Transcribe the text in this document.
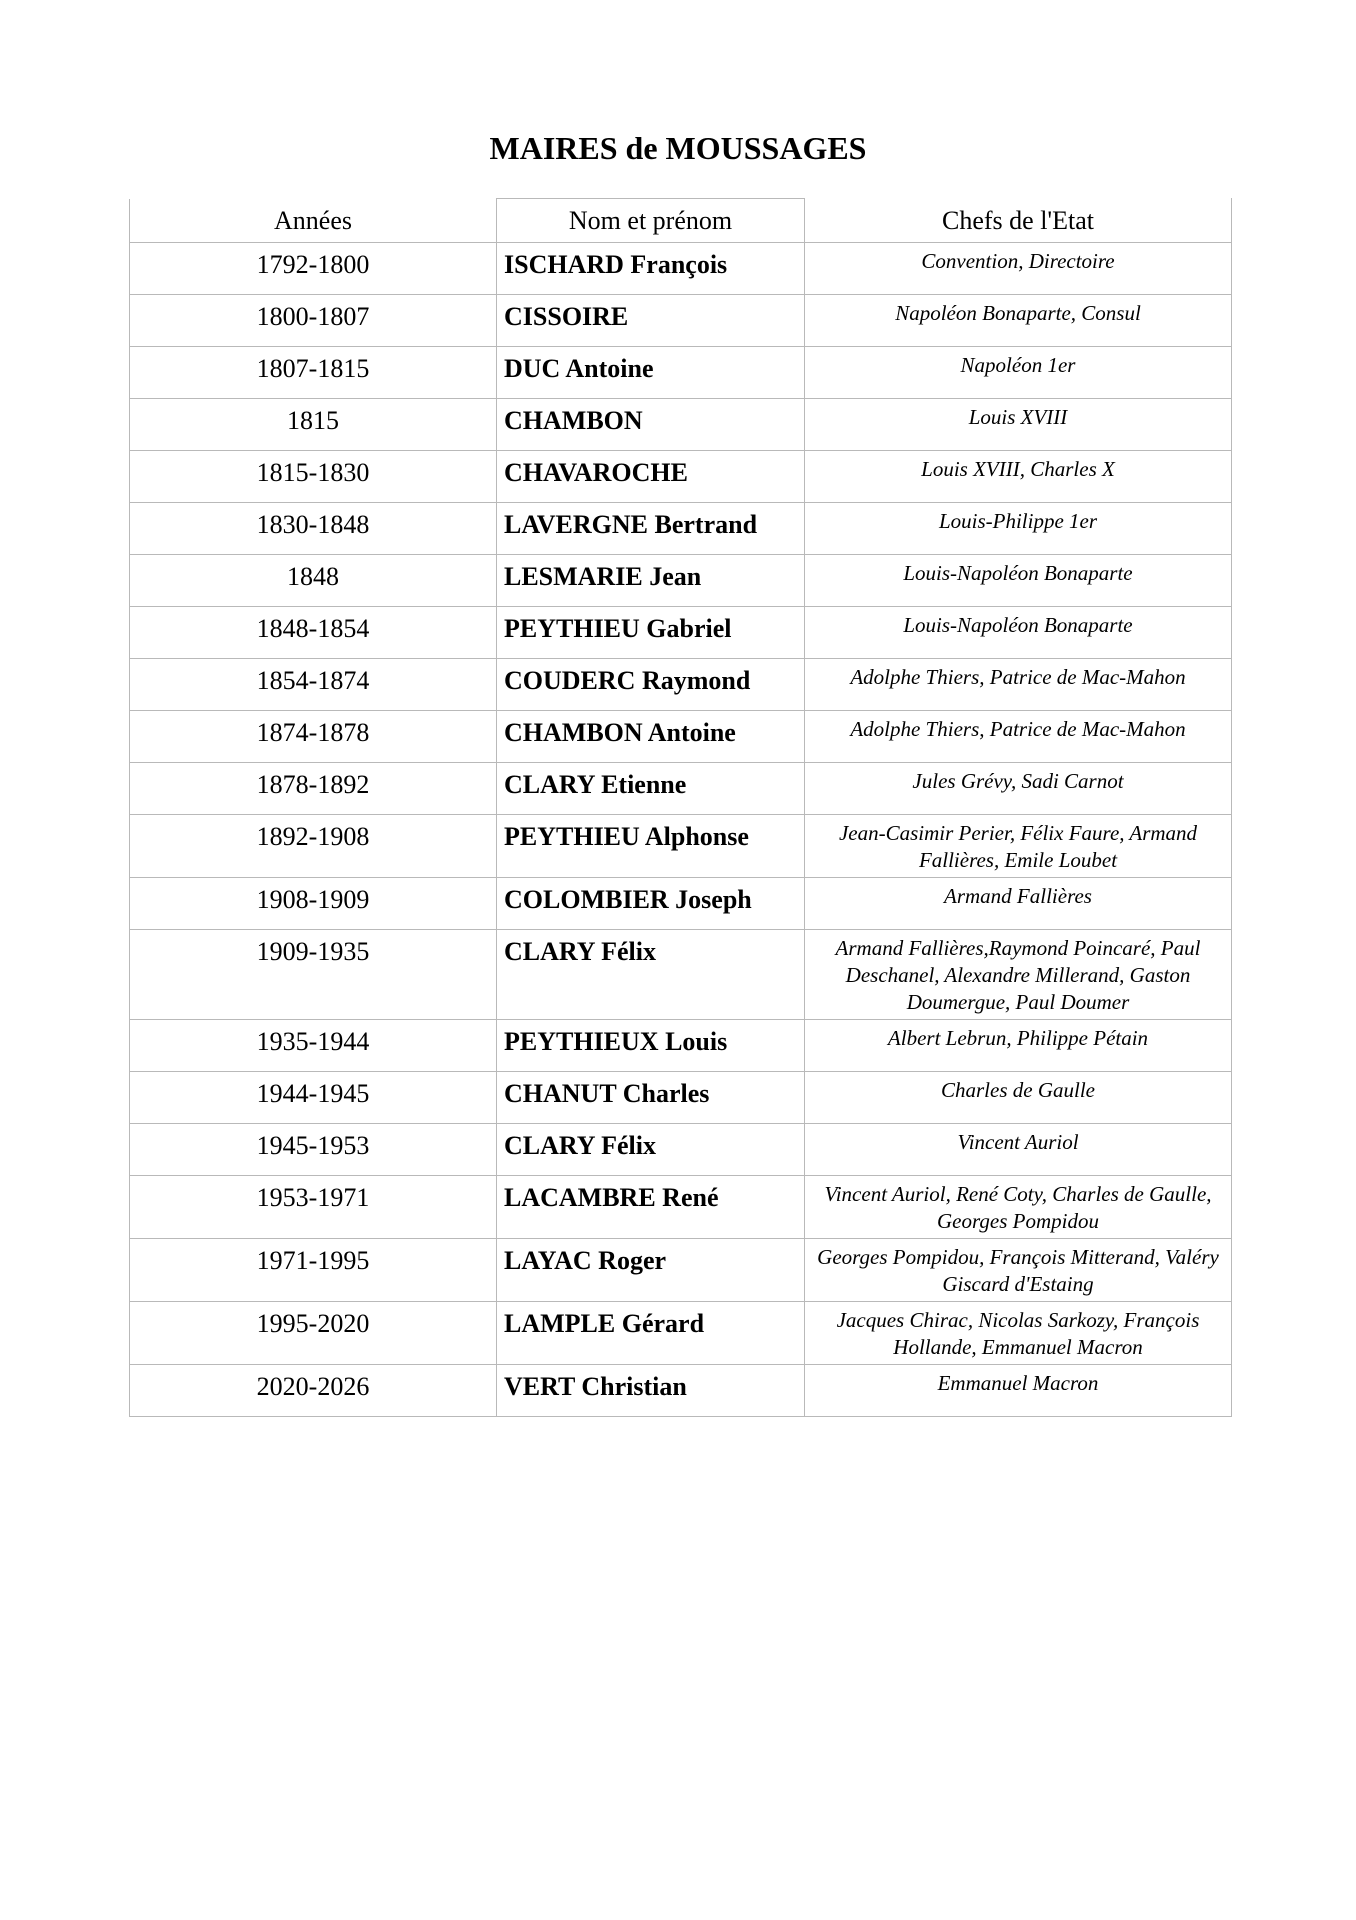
MAIRES de MOUSSAGES
Années	Nom et prénom	Chefs de l'Etat
1792-1800	ISCHARD François	Convention, Directoire
1800-1807	CISSOIRE	Napoléon Bonaparte, Consul
1807-1815	DUC Antoine	Napoléon 1er
1815	CHAMBON	Louis XVIII
1815-1830	CHAVAROCHE	Louis XVIII, Charles X
1830-1848	LAVERGNE Bertrand	Louis-Philippe 1er
1848	LESMARIE Jean	Louis-Napoléon Bonaparte
1848-1854	PEYTHIEU Gabriel	Louis-Napoléon Bonaparte
1854-1874	COUDERC Raymond	Adolphe Thiers, Patrice de Mac-Mahon
1874-1878	CHAMBON Antoine	Adolphe Thiers, Patrice de Mac-Mahon
1878-1892	CLARY Etienne	Jules Grévy, Sadi Carnot
1892-1908	PEYTHIEU Alphonse	Jean-Casimir Perier, Félix Faure, Armand Fallières, Emile Loubet
1908-1909	COLOMBIER Joseph	Armand Fallières
1909-1935	CLARY Félix	Armand Fallières,Raymond Poincaré, Paul Deschanel, Alexandre Millerand, Gaston Doumergue, Paul Doumer
1935-1944	PEYTHIEUX Louis	Albert Lebrun, Philippe Pétain
1944-1945	CHANUT Charles	Charles de Gaulle
1945-1953	CLARY Félix	Vincent Auriol
1953-1971	LACAMBRE René	Vincent Auriol, René Coty, Charles de Gaulle, Georges Pompidou
1971-1995	LAYAC Roger	Georges Pompidou, François Mitterand, Valéry Giscard d'Estaing
1995-2020	LAMPLE Gérard	Jacques Chirac, Nicolas Sarkozy, François Hollande, Emmanuel Macron
2020-2026	VERT Christian	Emmanuel Macron
